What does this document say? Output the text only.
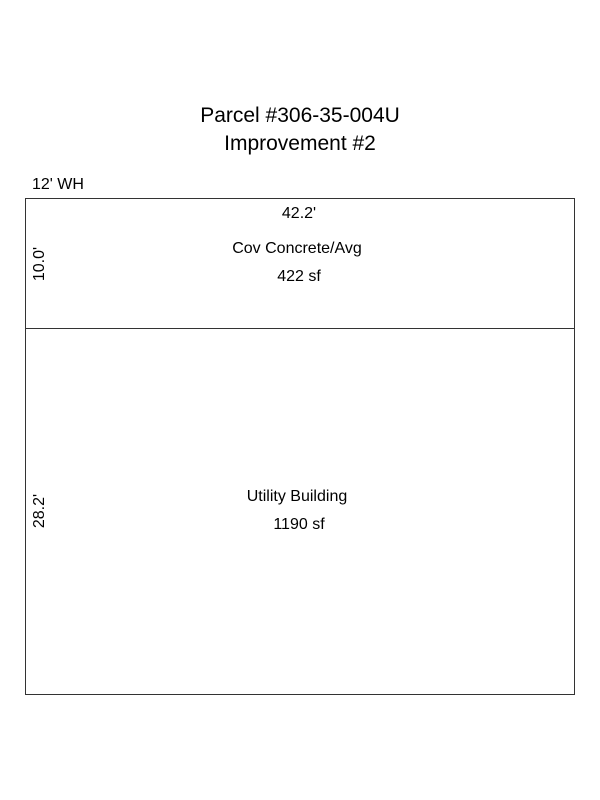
Parcel #306-35-004U
Improvement #2
12' WH
42.2'
Cov Concrete/Avg
422 sf
10.0'
Utility Building
1190 sf
28.2'
